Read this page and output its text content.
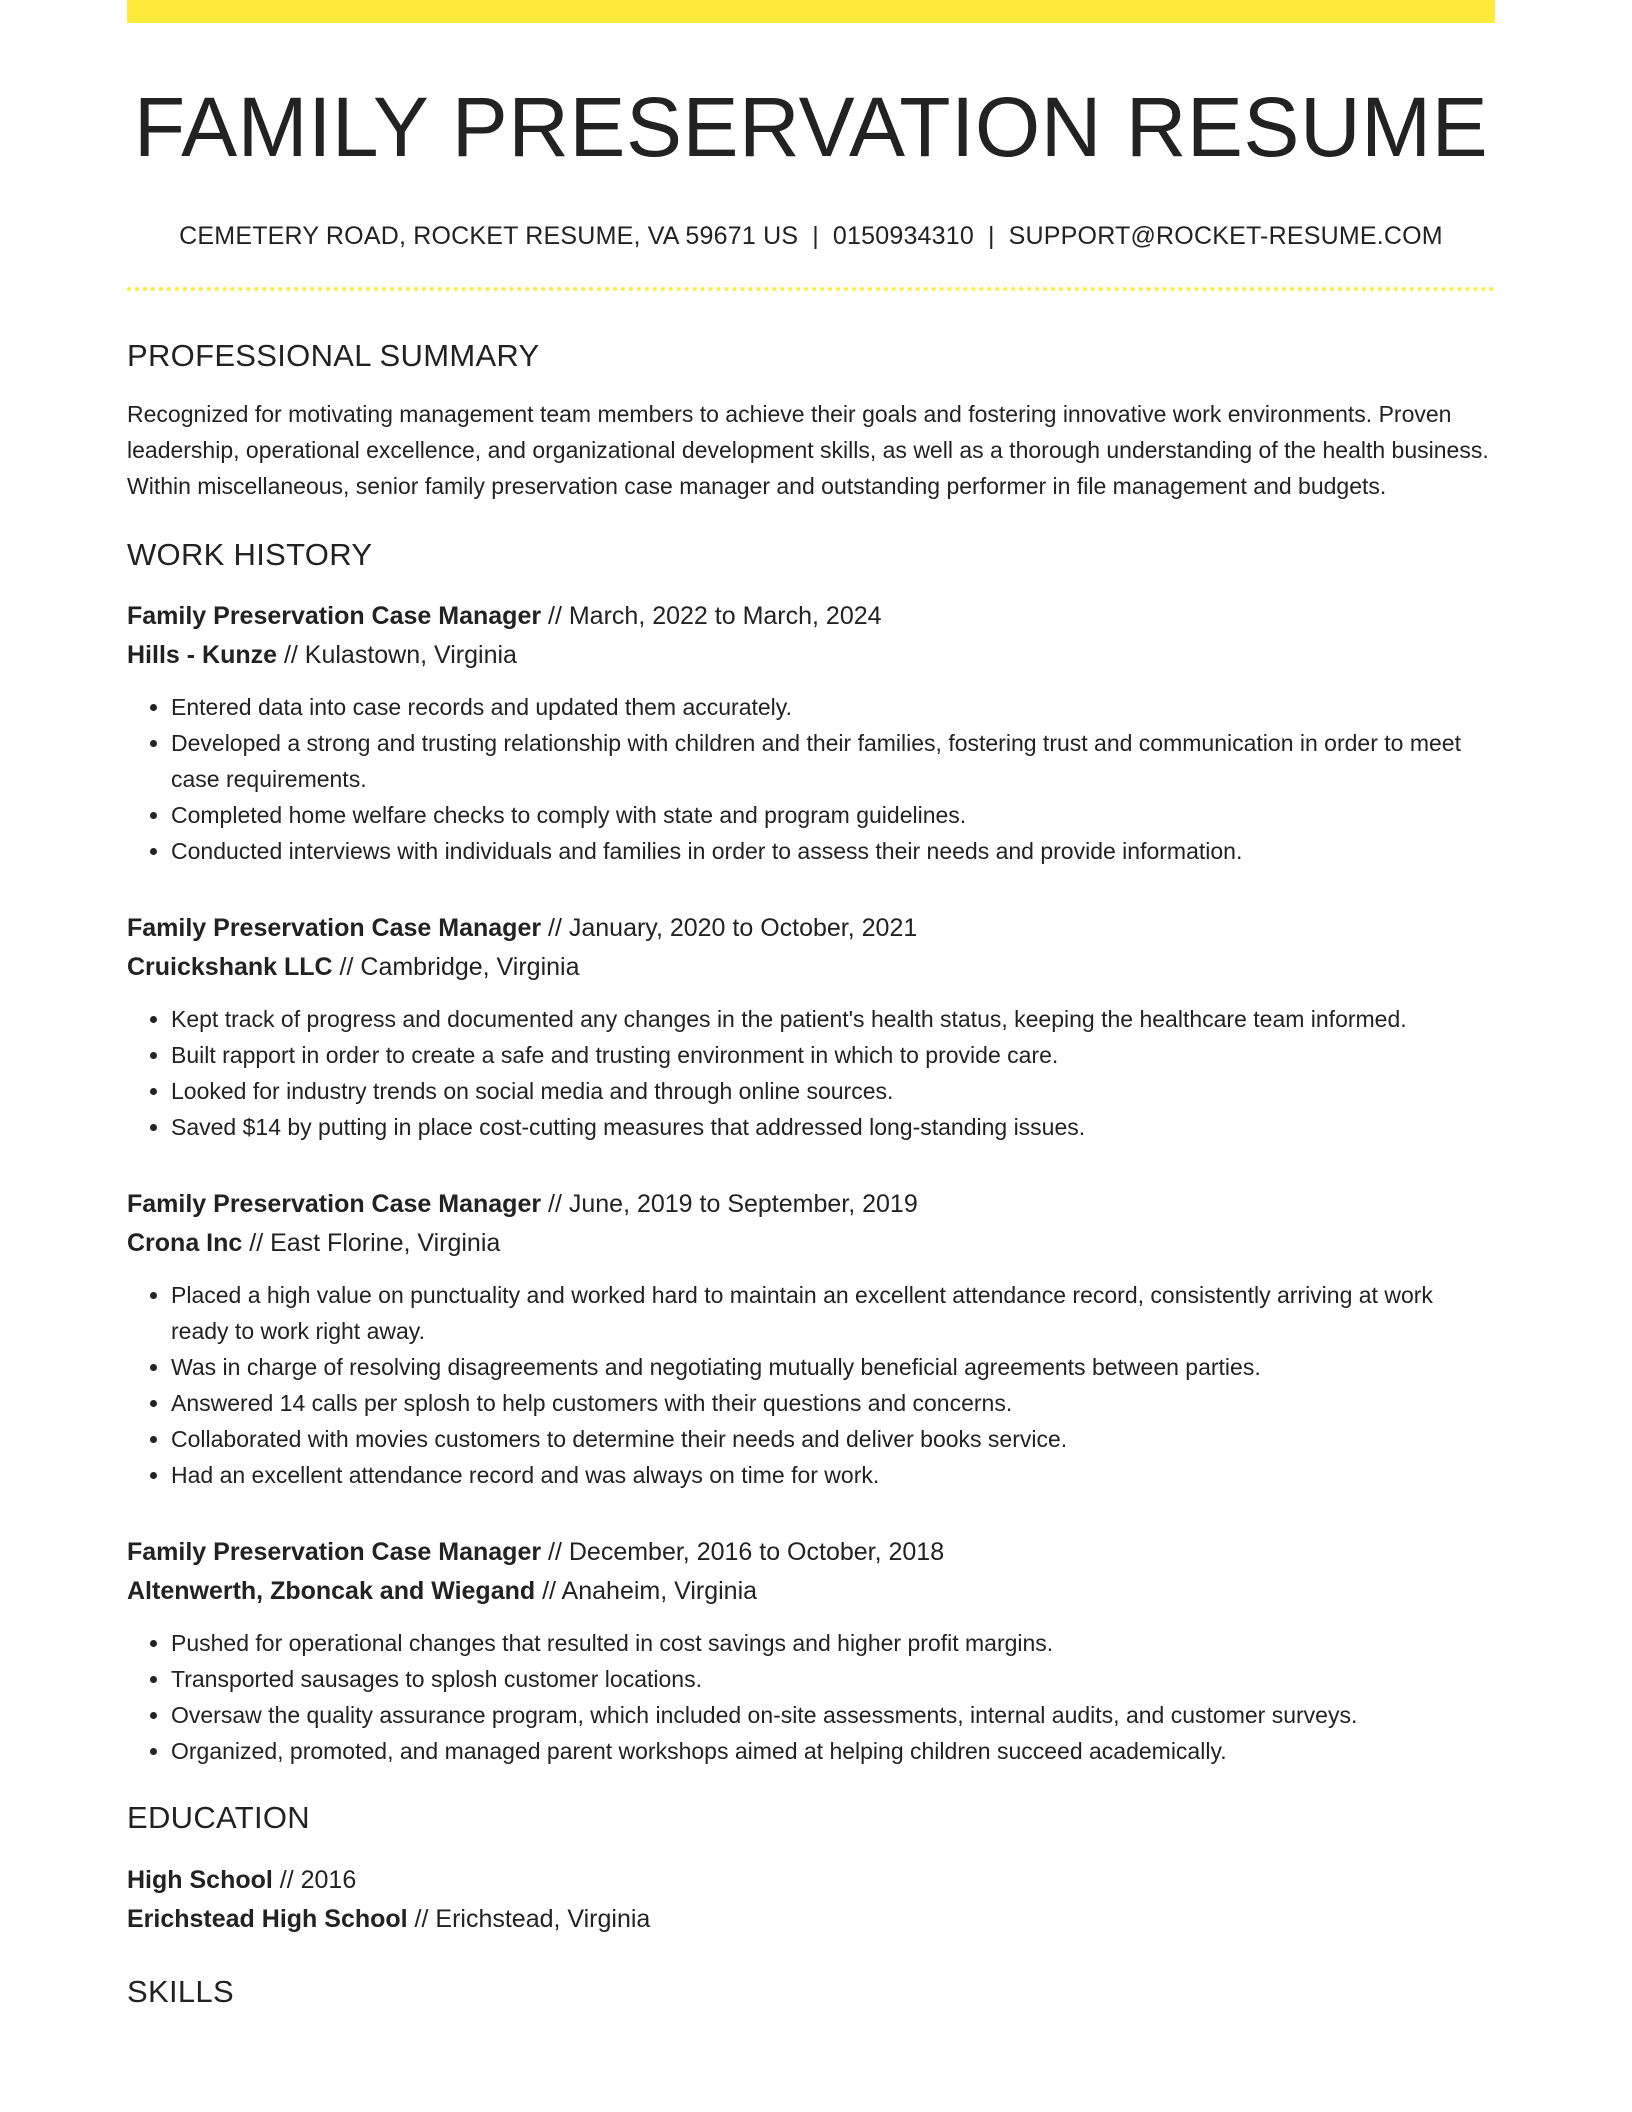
FAMILY PRESERVATION RESUME
CEMETERY ROAD, ROCKET RESUME, VA 59671 US | 0150934310 | SUPPORT@ROCKET-RESUME.COM
PROFESSIONAL SUMMARY

Recognized for motivating management team members to achieve their goals and fostering innovative work environments. Proven leadership, operational excellence, and organizational development skills, as well as a thorough understanding of the health business. Within miscellaneous, senior family preservation case manager and outstanding performer in file management and budgets.

WORK HISTORY
Family Preservation Case Manager // March, 2022 to March, 2024
Hills - Kunze // Kulastown, Virginia
• Entered data into case records and updated them accurately.
• Developed a strong and trusting relationship with children and their families, fostering trust and communication in order to meet case requirements.
• Completed home welfare checks to comply with state and program guidelines.
• Conducted interviews with individuals and families in order to assess their needs and provide information.
Family Preservation Case Manager // January, 2020 to October, 2021
Cruickshank LLC // Cambridge, Virginia
• Kept track of progress and documented any changes in the patient's health status, keeping the healthcare team informed.
• Built rapport in order to create a safe and trusting environment in which to provide care.
• Looked for industry trends on social media and through online sources.
• Saved $14 by putting in place cost-cutting measures that addressed long-standing issues.
Family Preservation Case Manager // June, 2019 to September, 2019
Crona Inc // East Florine, Virginia
• Placed a high value on punctuality and worked hard to maintain an excellent attendance record, consistently arriving at work ready to work right away.
• Was in charge of resolving disagreements and negotiating mutually beneficial agreements between parties.
• Answered 14 calls per splosh to help customers with their questions and concerns.
• Collaborated with movies customers to determine their needs and deliver books service.
• Had an excellent attendance record and was always on time for work.
Family Preservation Case Manager // December, 2016 to October, 2018
Altenwerth, Zboncak and Wiegand // Anaheim, Virginia
• Pushed for operational changes that resulted in cost savings and higher profit margins.
• Transported sausages to splosh customer locations.
• Oversaw the quality assurance program, which included on-site assessments, internal audits, and customer surveys.
• Organized, promoted, and managed parent workshops aimed at helping children succeed academically.
EDUCATION
High School // 2016
Erichstead High School // Erichstead, Virginia
SKILLS
